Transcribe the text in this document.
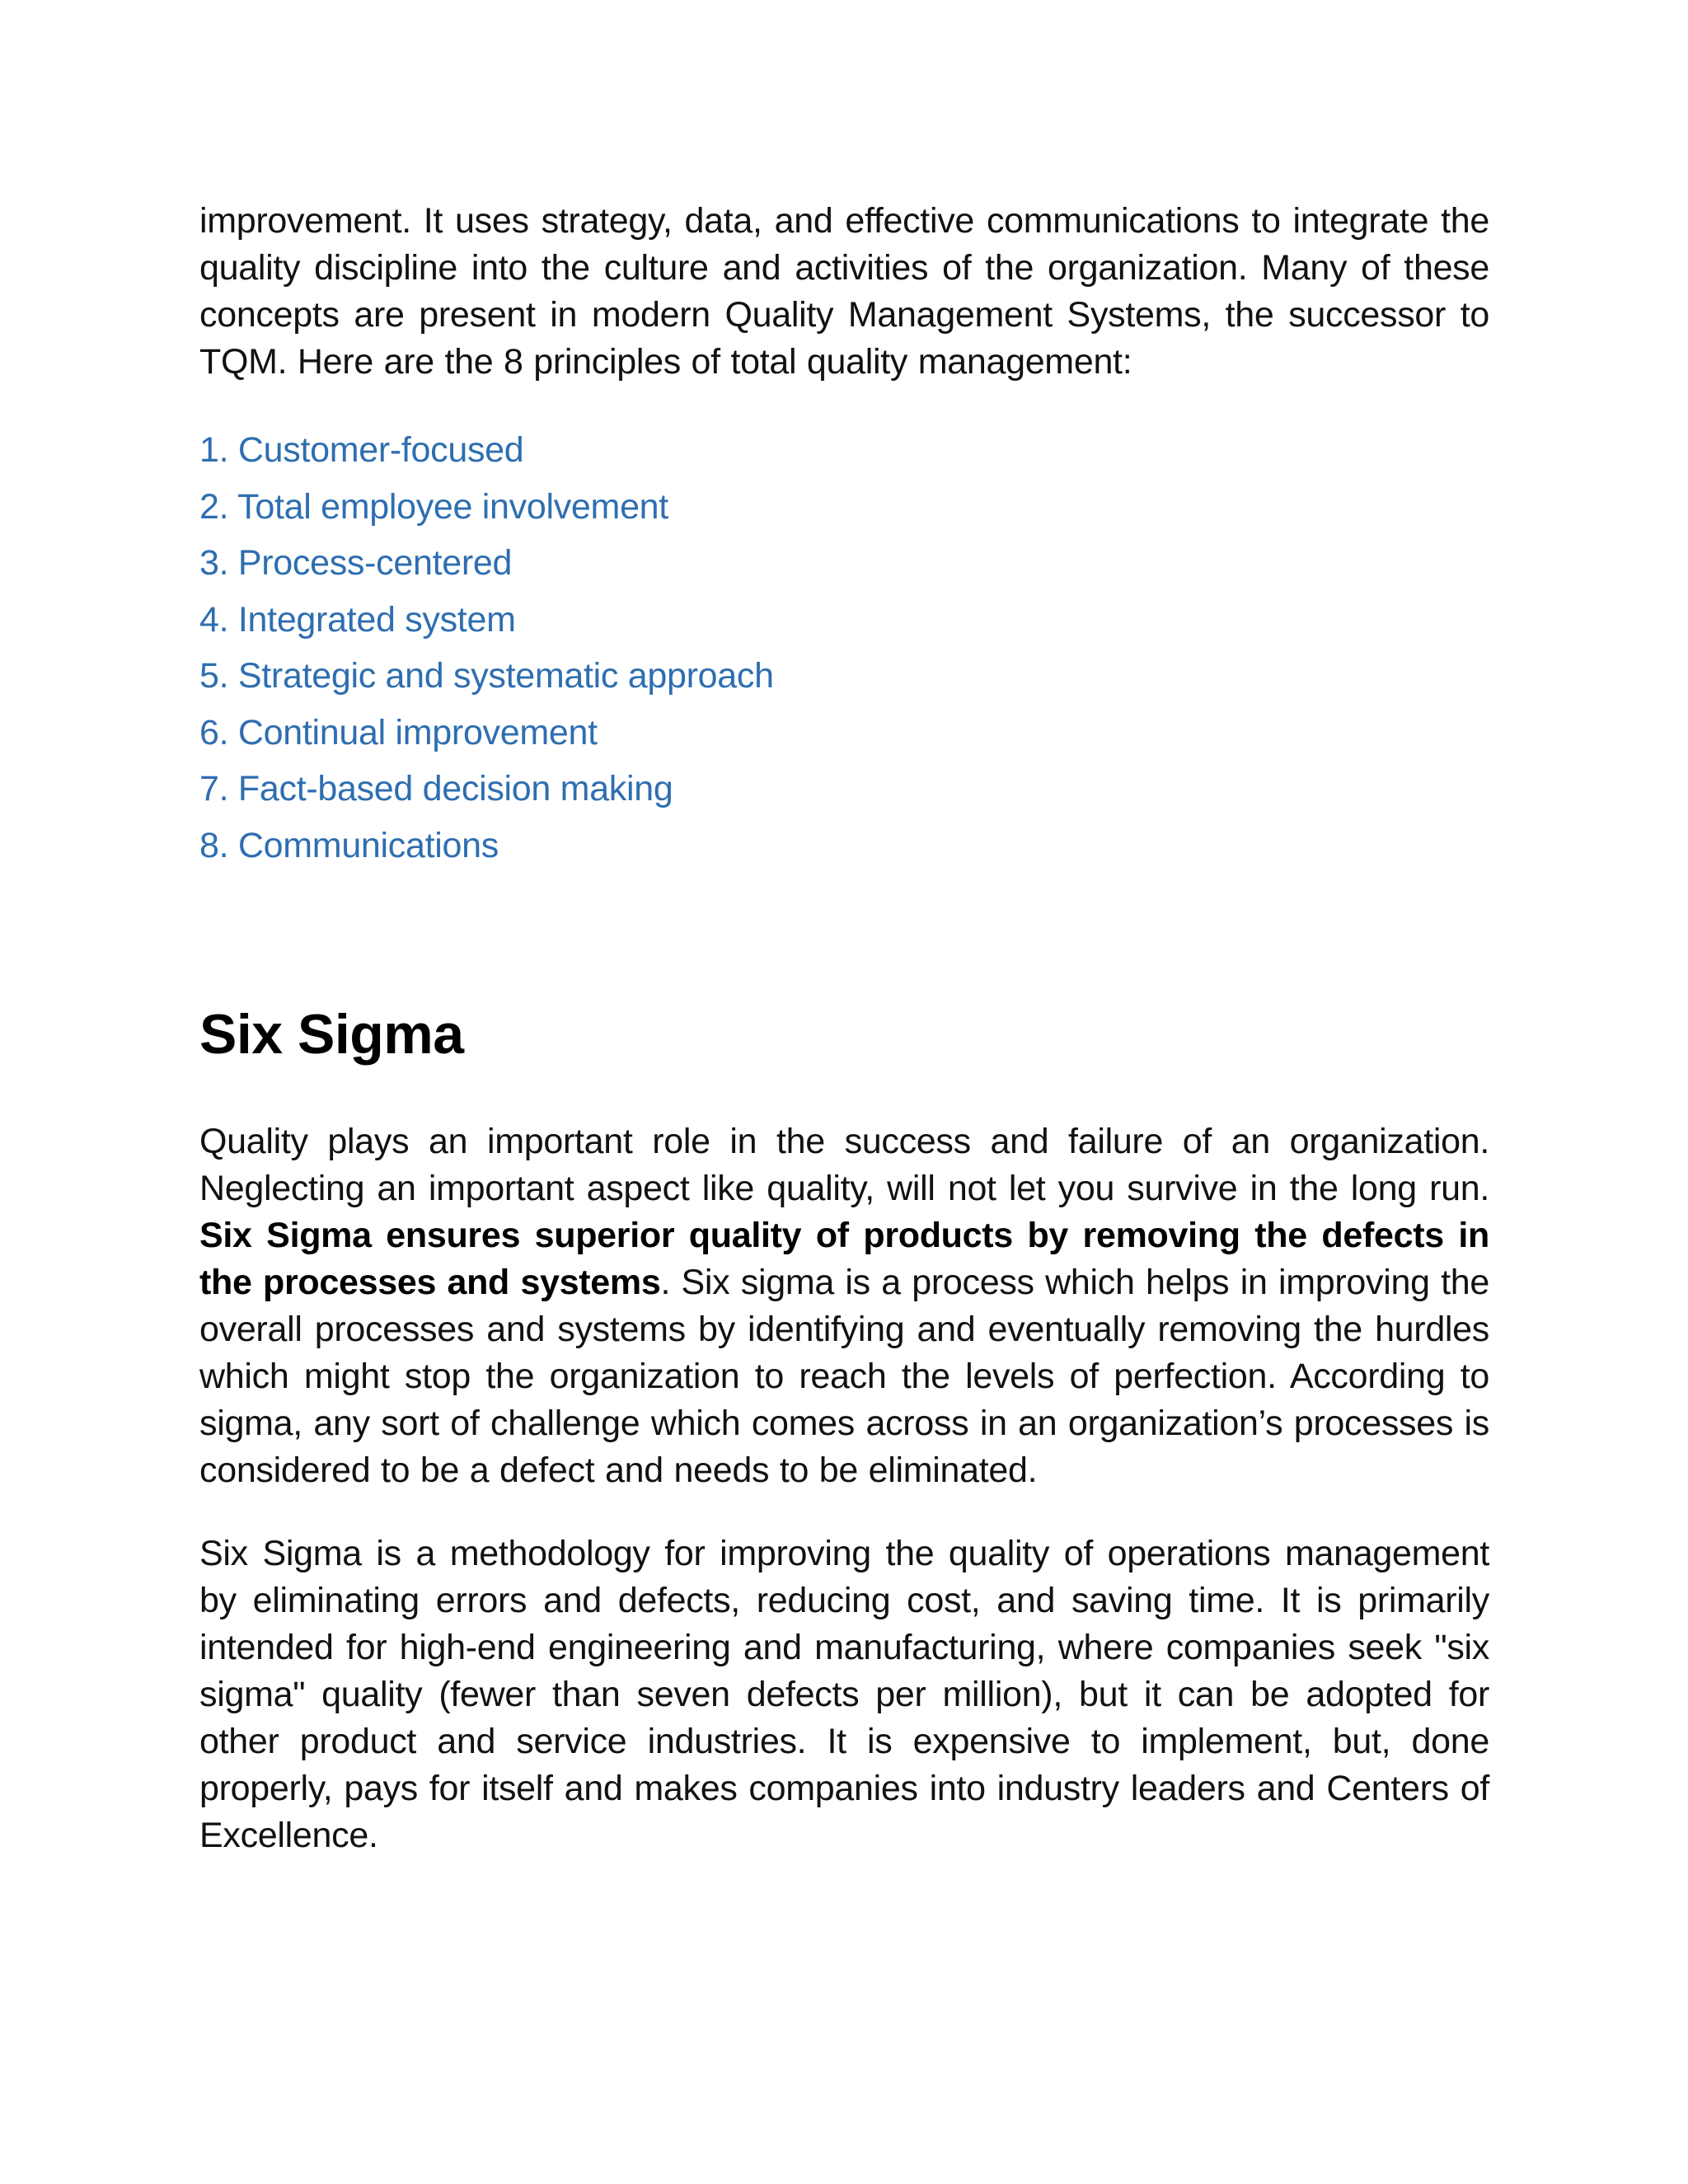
improvement. It uses strategy, data, and effective communications to integrate the quality discipline into the culture and activities of the organization. Many of these concepts are present in modern Quality Management Systems, the successor to TQM. Here are the 8 principles of total quality management:

1. Customer-focused
2. Total employee involvement
3. Process-centered
4. Integrated system
5. Strategic and systematic approach
6. Continual improvement
7. Fact-based decision making
8. Communications
Six Sigma

Quality plays an important role in the success and failure of an organization. Neglecting an important aspect like quality, will not let you survive in the long run. Six Sigma ensures superior quality of products by removing the defects in the processes and systems. Six sigma is a process which helps in improving the overall processes and systems by identifying and eventually removing the hurdles which might stop the organization to reach the levels of perfection. According to sigma, any sort of challenge which comes across in an organization’s processes is considered to be a defect and needs to be eliminated.

Six Sigma is a methodology for improving the quality of operations management by eliminating errors and defects, reducing cost, and saving time. It is primarily intended for high-end engineering and manufacturing, where companies seek "six sigma" quality (fewer than seven defects per million), but it can be adopted for other product and service industries. It is expensive to implement, but, done properly, pays for itself and makes companies into industry leaders and Centers of Excellence.
